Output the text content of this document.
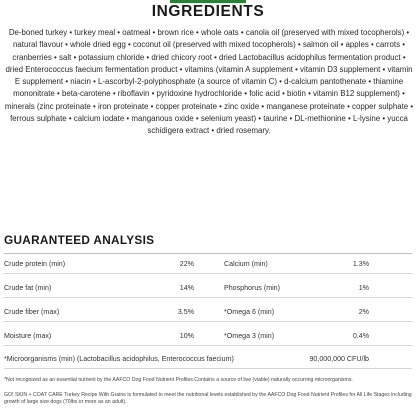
INGREDIENTS
De-boned turkey • turkey meal • oatmeal • brown rice • whole oats • canola oil (preserved with mixed tocopherols) • natural flavour • whole dried egg • coconut oil (preserved with mixed tocopherols) • salmon oil • apples • carrots • cranberries • salt • potassium chloride • dried chicory root • dried Lactobacillus acidophilus fermentation product • dried Enterococcus faecium fermentation product • vitamins (vitamin A supplement • vitamin D3 supplement • vitamin E supplement • niacin • L-ascorbyl-2-polyphosphate (a source of vitamin C) • d-calcium pantothenate • thiamine mononitrate • beta-carotene • riboflavin • pyridoxine hydrochloride • folic acid • biotin • vitamin B12 supplement) • minerals (zinc proteinate • iron proteinate • copper proteinate • zinc oxide • manganese proteinate • copper sulphate • ferrous sulphate • calcium iodate • manganous oxide • selenium yeast) • taurine • DL-methionine • L-lysine • yucca schidigera extract • dried rosemary.
GUARANTEED ANALYSIS
Crude protein (min)	22%	Calcium (min)	1.3%
Crude fat (min)	14%	Phosphorus (min)	1%
Crude fiber (max)	3.5%	*Omega 6 (min)	2%
Moisture (max)	10%	*Omega 3 (min)	0.4%
*Microorganisms (min) (Lactobacillus acidophilus, Enterococcus faecium)	90,000,000 CFU/lb
*Not recognized as an essential nutrient by the AAFCO Dog Food Nutrient Profiles.Contains a source of live (viable) naturally occurring microorganisms.
GO! SKIN + COAT CARE Turkey Recipe With Grains is formulated to meet the nutritional levels established by the AAFCO Dog Food Nutrient Profiles for All Life Stages including growth of large size dogs (70lbs or more as an adult).
